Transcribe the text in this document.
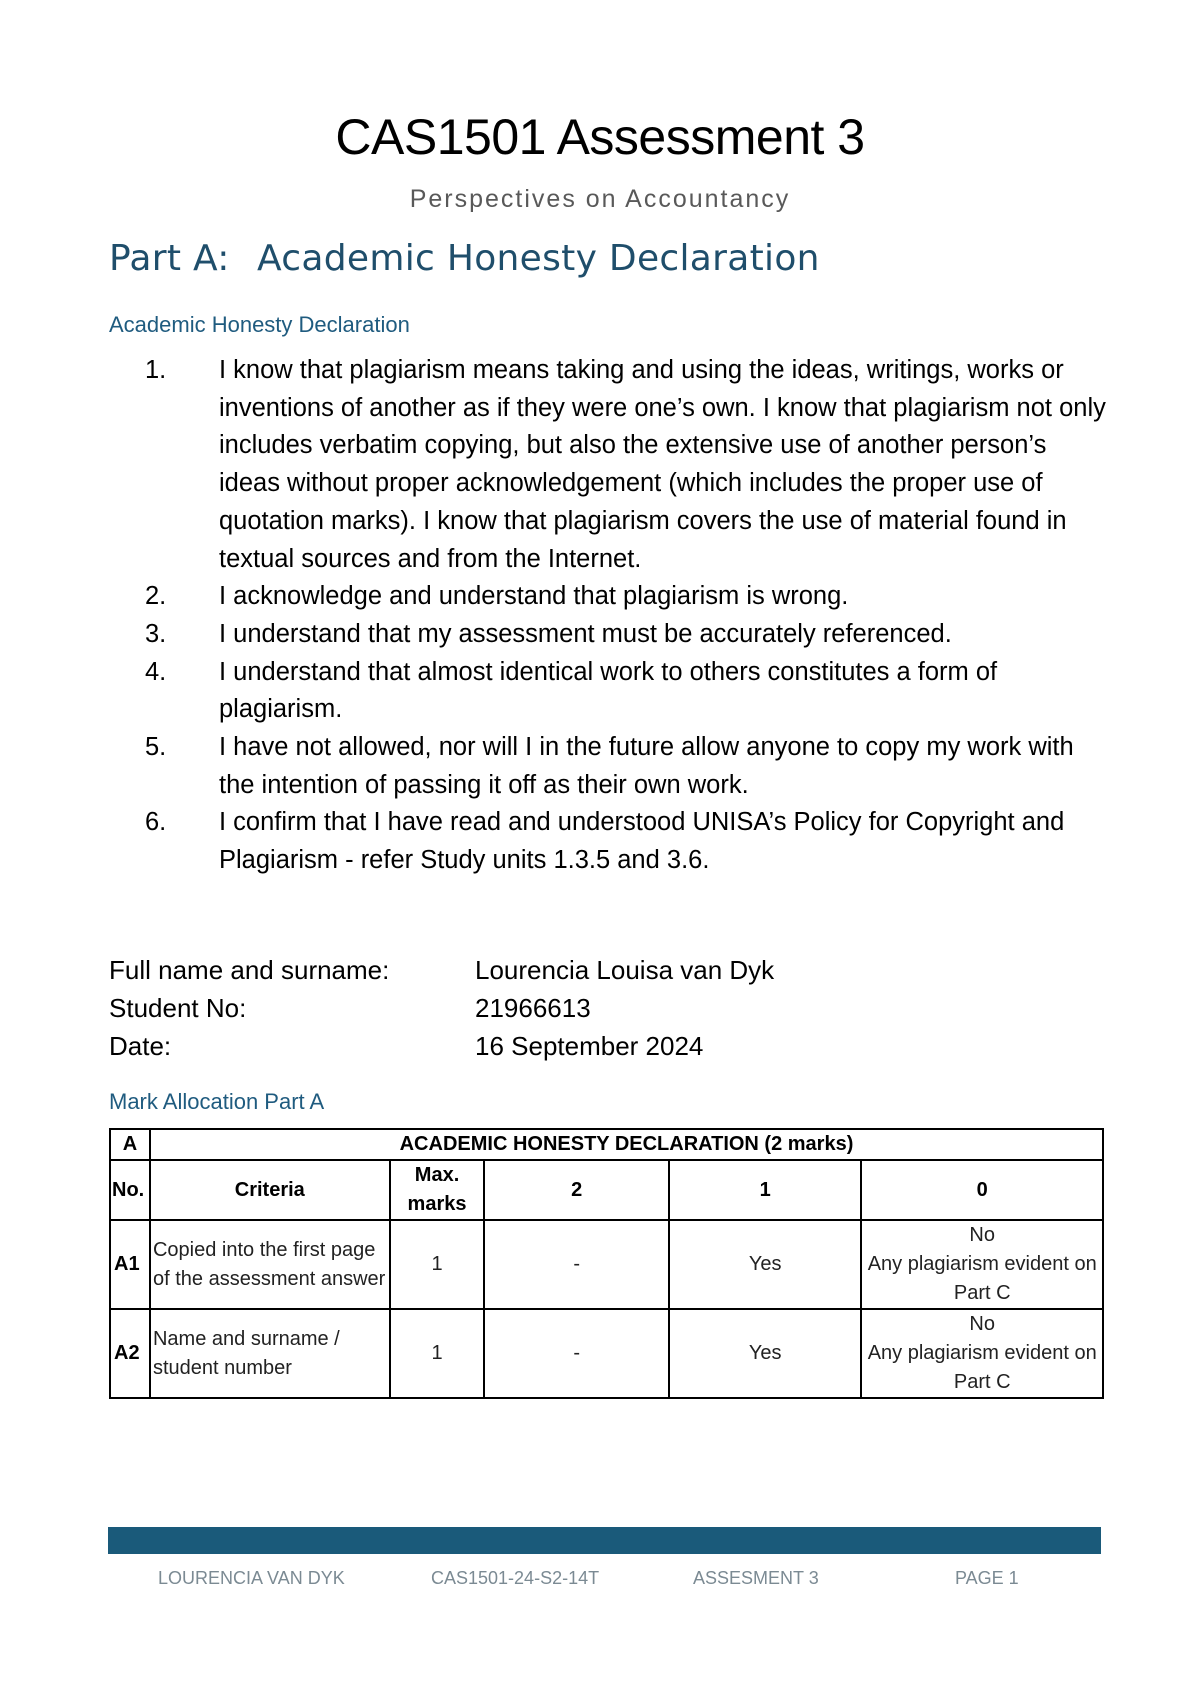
CAS1501 Assessment 3
Perspectives on Accountancy
Part A: Academic Honesty Declaration
Academic Honesty Declaration
1. I know that plagiarism means taking and using the ideas, writings, works or inventions of another as if they were one’s own. I know that plagiarism not only includes verbatim copying, but also the extensive use of another person’s ideas without proper acknowledgement (which includes the proper use of quotation marks). I know that plagiarism covers the use of material found in textual sources and from the Internet.
2. I acknowledge and understand that plagiarism is wrong.
3. I understand that my assessment must be accurately referenced.
4. I understand that almost identical work to others constitutes a form of plagiarism.
5. I have not allowed, nor will I in the future allow anyone to copy my work with the intention of passing it off as their own work.
6. I confirm that I have read and understood UNISA’s Policy for Copyright and Plagiarism - refer Study units 1.3.5 and 3.6.
Full name and surname:	Lourencia Louisa van Dyk
Student No:	21966613
Date:	16 September 2024
Mark Allocation Part A
A	ACADEMIC HONESTY DECLARATION (2 marks)				
No.	Criteria	Max. marks	2	1	0
A1	Copied into the first page of the assessment answer	1	-	Yes	No
Any plagiarism evident on Part C

A2	Name and surname / student number	1	-	Yes	No
Any plagiarism evident on Part C
LOURENCIA VAN DYK	CAS1501-24-S2-14T	ASSESMENT 3	PAGE 1
